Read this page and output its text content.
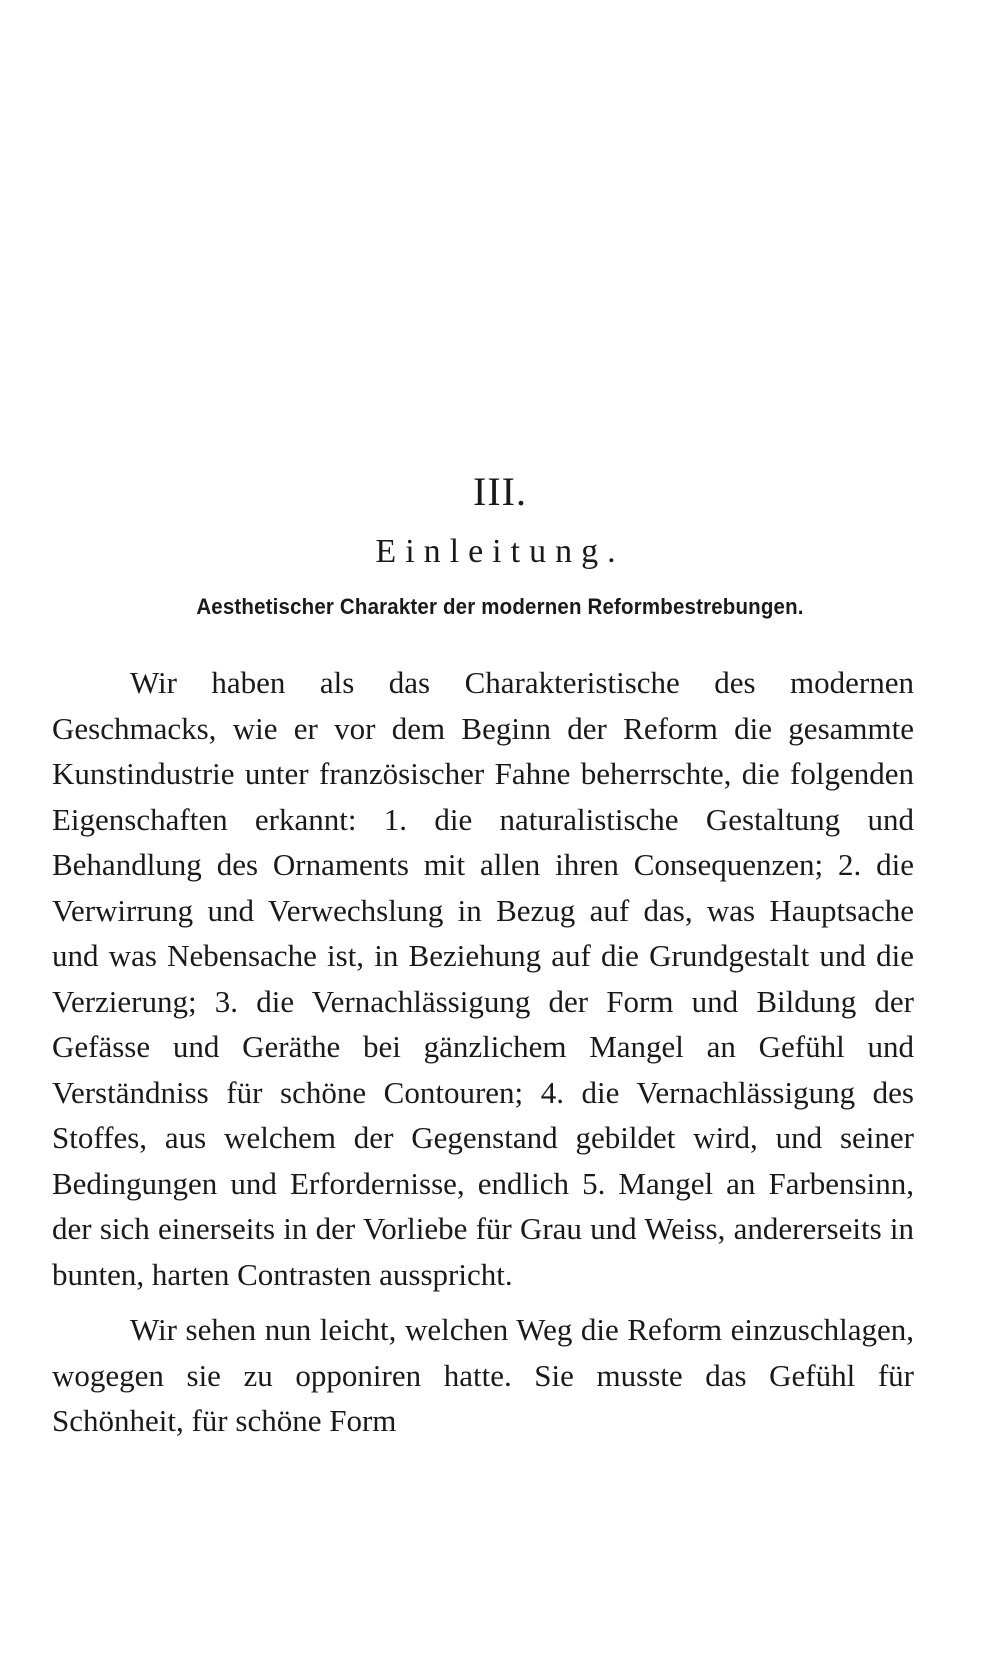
III.
Einleitung.
Aesthetischer Charakter der modernen Reformbestrebungen.

Wir haben als das Charakteristische des modernen Geschmacks, wie er vor dem Beginn der Reform die gesammte Kunstindustrie unter französischer Fahne beherrschte, die folgenden Eigenschaften erkannt: 1. die naturalistische Gestaltung und Behandlung des Ornaments mit allen ihren Consequenzen; 2. die Verwirrung und Verwechslung in Bezug auf das, was Hauptsache und was Nebensache ist, in Beziehung auf die Grundgestalt und die Verzierung; 3. die Vernachlässigung der Form und Bildung der Gefässe und Geräthe bei gänzlichem Mangel an Gefühl und Verständniss für schöne Contouren; 4. die Vernachlässigung des Stoffes, aus welchem der Gegenstand gebildet wird, und seiner Bedingungen und Erfordernisse, endlich 5. Mangel an Farbensinn, der sich einerseits in der Vorliebe für Grau und Weiss, andererseits in bunten, harten Contrasten ausspricht.

Wir sehen nun leicht, welchen Weg die Reform einzuschlagen, wogegen sie zu opponiren hatte. Sie musste das Gefühl für Schönheit, für schöne Form
